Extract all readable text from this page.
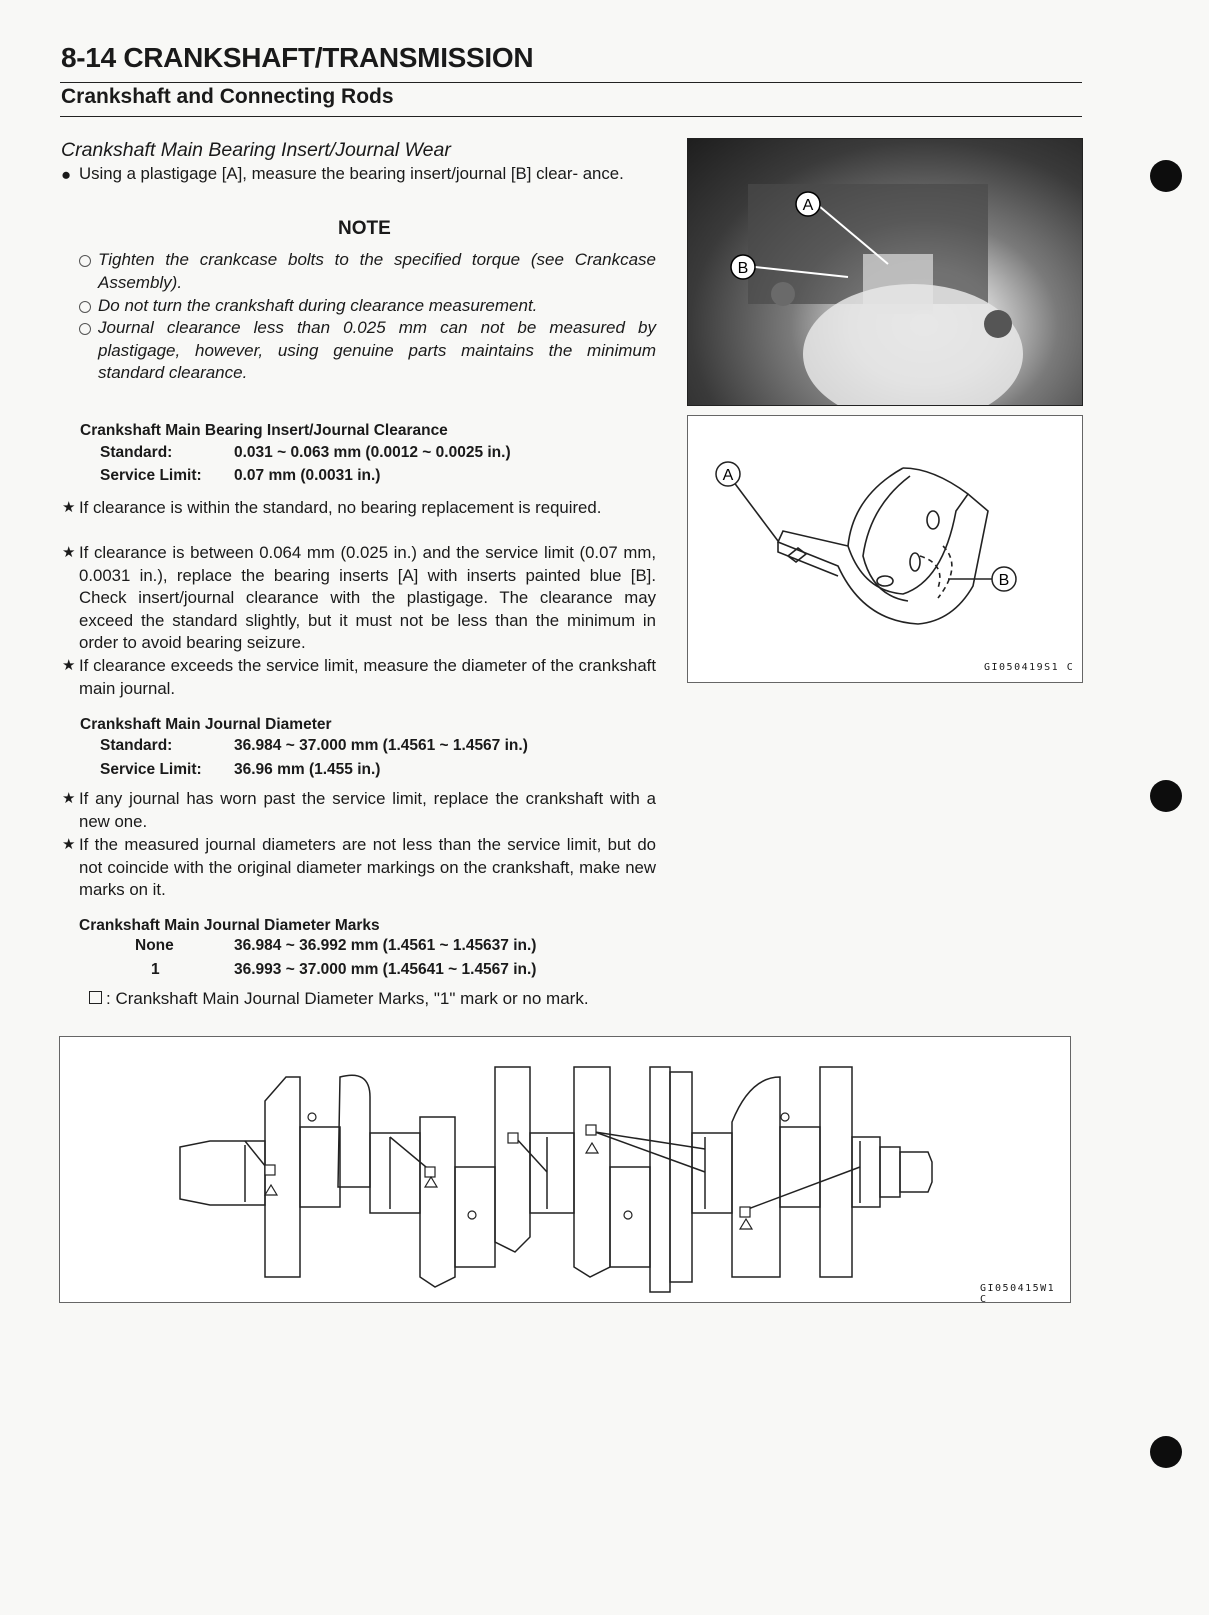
8-14 CRANKSHAFT/TRANSMISSION
Crankshaft and Connecting Rods
Crankshaft Main Bearing Insert/Journal Wear
● Using a plastigage [A], measure the bearing insert/journal [B] clear- ance.
NOTE
Tighten the crankcase bolts to the specified torque (see Crankcase Assembly).
Do not turn the crankshaft during clearance measurement.
Journal clearance less than 0.025 mm can not be measured by plastigage, however, using genuine parts maintains the minimum standard clearance.
Crankshaft Main Bearing Insert/Journal Clearance
Standard:	0.031 ~ 0.063 mm (0.0012 ~ 0.0025 in.)
Service Limit: 0.07 mm (0.0031 in.)
★ If clearance is within the standard, no bearing replacement is required.
★ If clearance is between 0.064 mm (0.025 in.) and the service limit (0.07 mm, 0.0031 in.), replace the bearing inserts [A] with inserts painted blue [B]. Check insert/journal clearance with the plastigage. The clearance may exceed the standard slightly, but it must not be less than the minimum in order to avoid bearing seizure.
★ If clearance exceeds the service limit, measure the diameter of the crankshaft main journal.
Crankshaft Main Journal Diameter
Standard:	36.984 ~ 37.000 mm (1.4561 ~ 1.4567 in.)
Service Limit: 36.96 mm (1.455 in.)
★ If any journal has worn past the service limit, replace the crankshaft with a new one.
★ If the measured journal diameters are not less than the service limit, but do not coincide with the original diameter markings on the crankshaft, make new marks on it.
Crankshaft Main Journal Diameter Marks
None	36.984 ~ 36.992 mm (1.4561 ~ 1.45637 in.)
1	36.993 ~ 37.000 mm (1.45641 ~ 1.4567 in.)
: Crankshaft Main Journal Diameter Marks, "1" mark or no mark.
A
B
A
B
GI050419S1 C
GI050415W1 C
